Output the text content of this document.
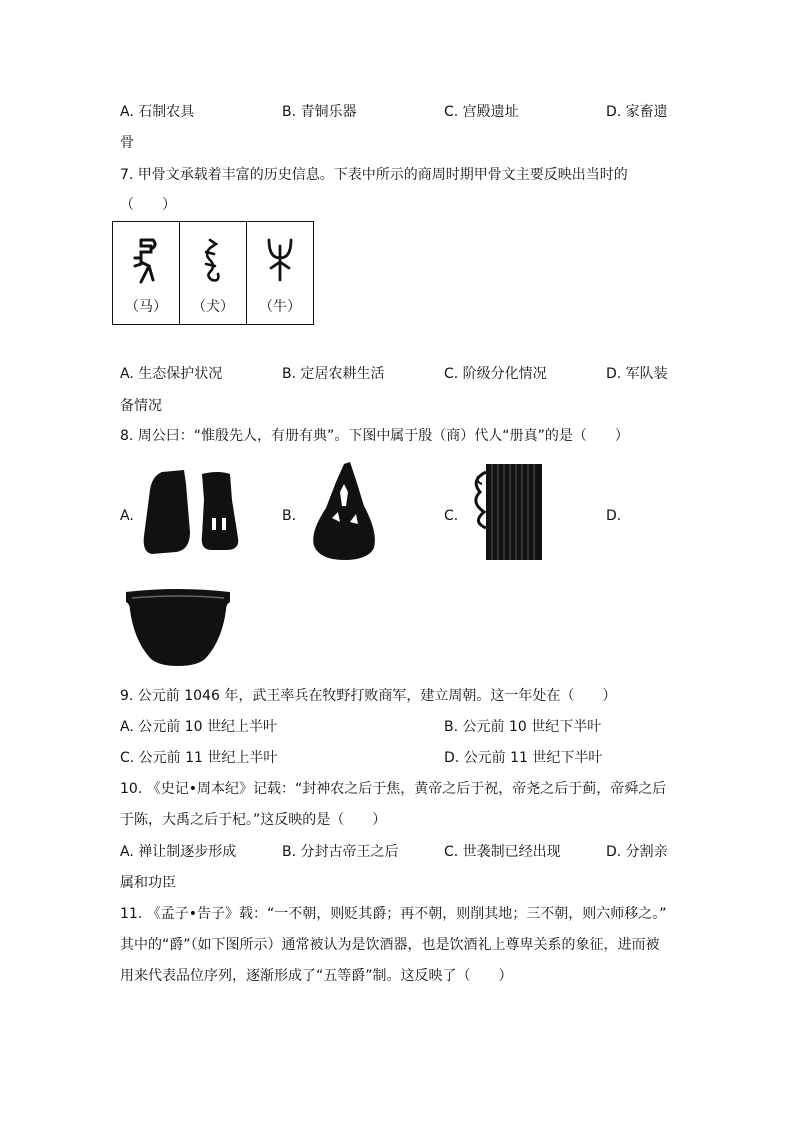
A. 石制农具	B. 青铜乐器	C. 宫殿遗址	D. 家畜遗
骨
7. 甲骨文承载着丰富的历史信息。下表中所示的商周时期甲骨文主要反映出当时的
（　　）
（马）	（犬）	（牛）
A. 生态保护状况	B. 定居农耕生活	C. 阶级分化情况	D. 军队装
备情况
8. 周公曰：“惟殷先人，有册有典”。下图中属于殷（商）代人“册真”的是（　　）
A.	B.	C.	D.
9. 公元前 1046 年，武王率兵在牧野打败商军，建立周朝。这一年处在（　　）
A. 公元前 10 世纪上半叶	B. 公元前 10 世纪下半叶
C. 公元前 11 世纪上半叶	D. 公元前 11 世纪下半叶
10. 《史记•周本纪》记载：“封神农之后于焦，黄帝之后于祝，帝尧之后于蓟，帝舜之后
于陈，大禹之后于杞。”这反映的是（　　）
A. 禅让制逐步形成	B. 分封古帝王之后	C. 世袭制已经出现	D. 分割亲
属和功臣
11. 《孟子•告子》载：“一不朝，则贬其爵；再不朝，则削其地；三不朝，则六师移之。”
其中的“爵”（如下图所示）通常被认为是饮酒器，也是饮酒礼上尊卑关系的象征，进而被
用来代表品位序列，逐渐形成了“五等爵”制。这反映了（　　）
